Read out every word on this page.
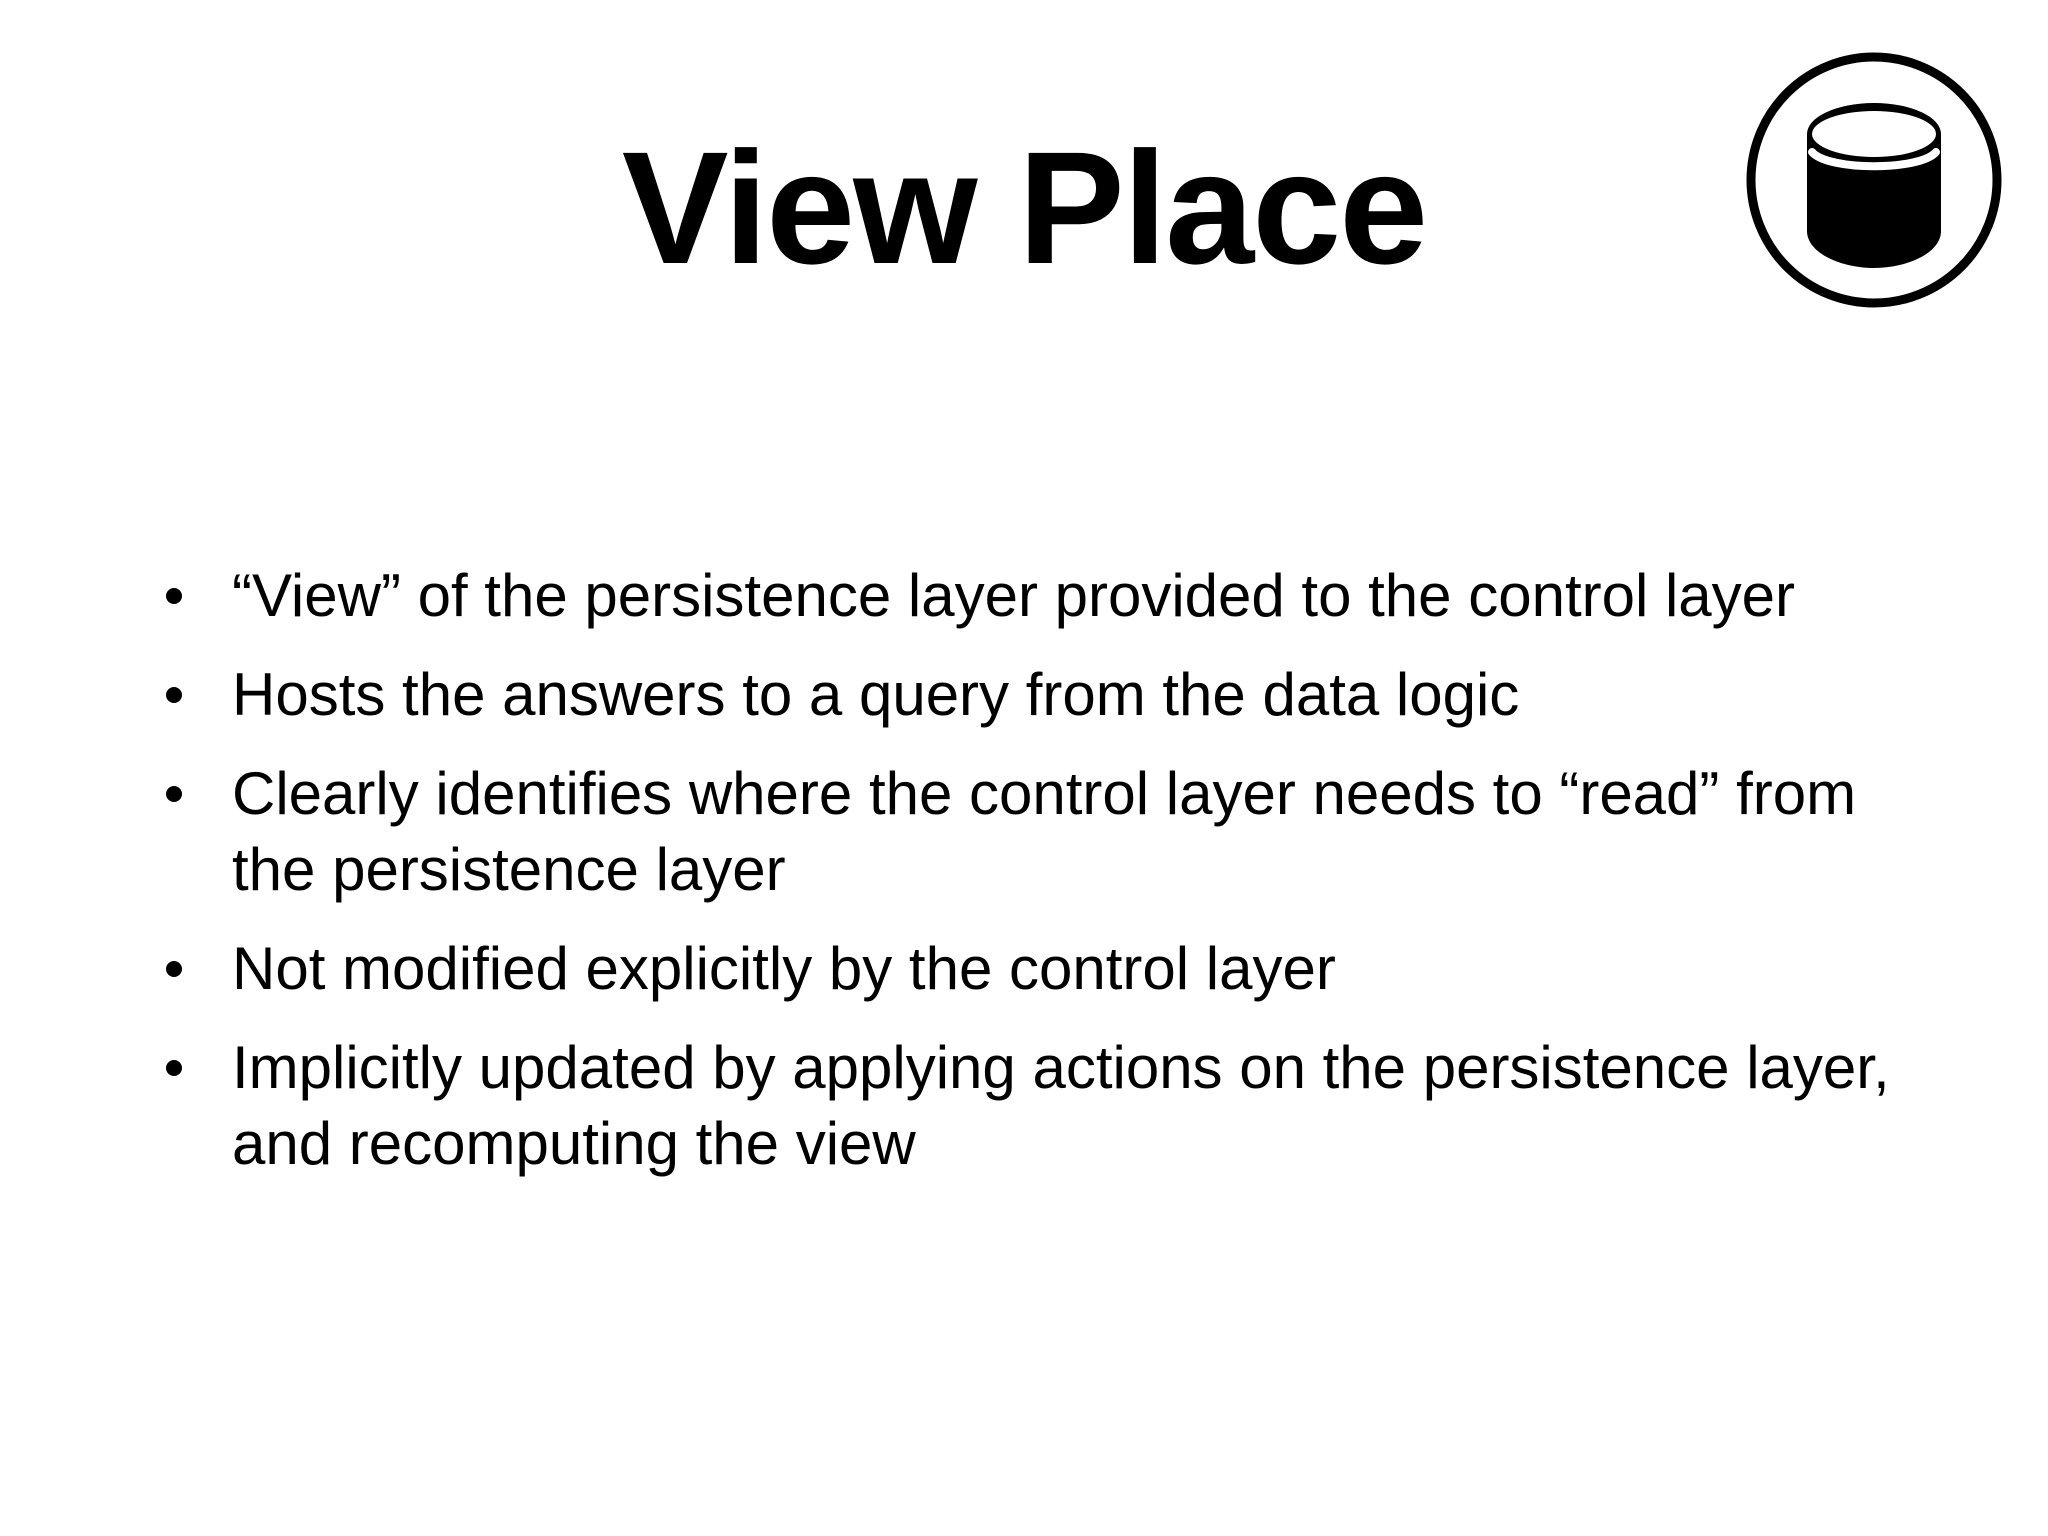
View Place
“View” of the persistence layer provided to the control layer
Hosts the answers to a query from the data logic
Clearly identifies where the control layer needs to “read” from the persistence layer
Not modified explicitly by the control layer
Implicitly updated by applying actions on the persistence layer, and recomputing the view
